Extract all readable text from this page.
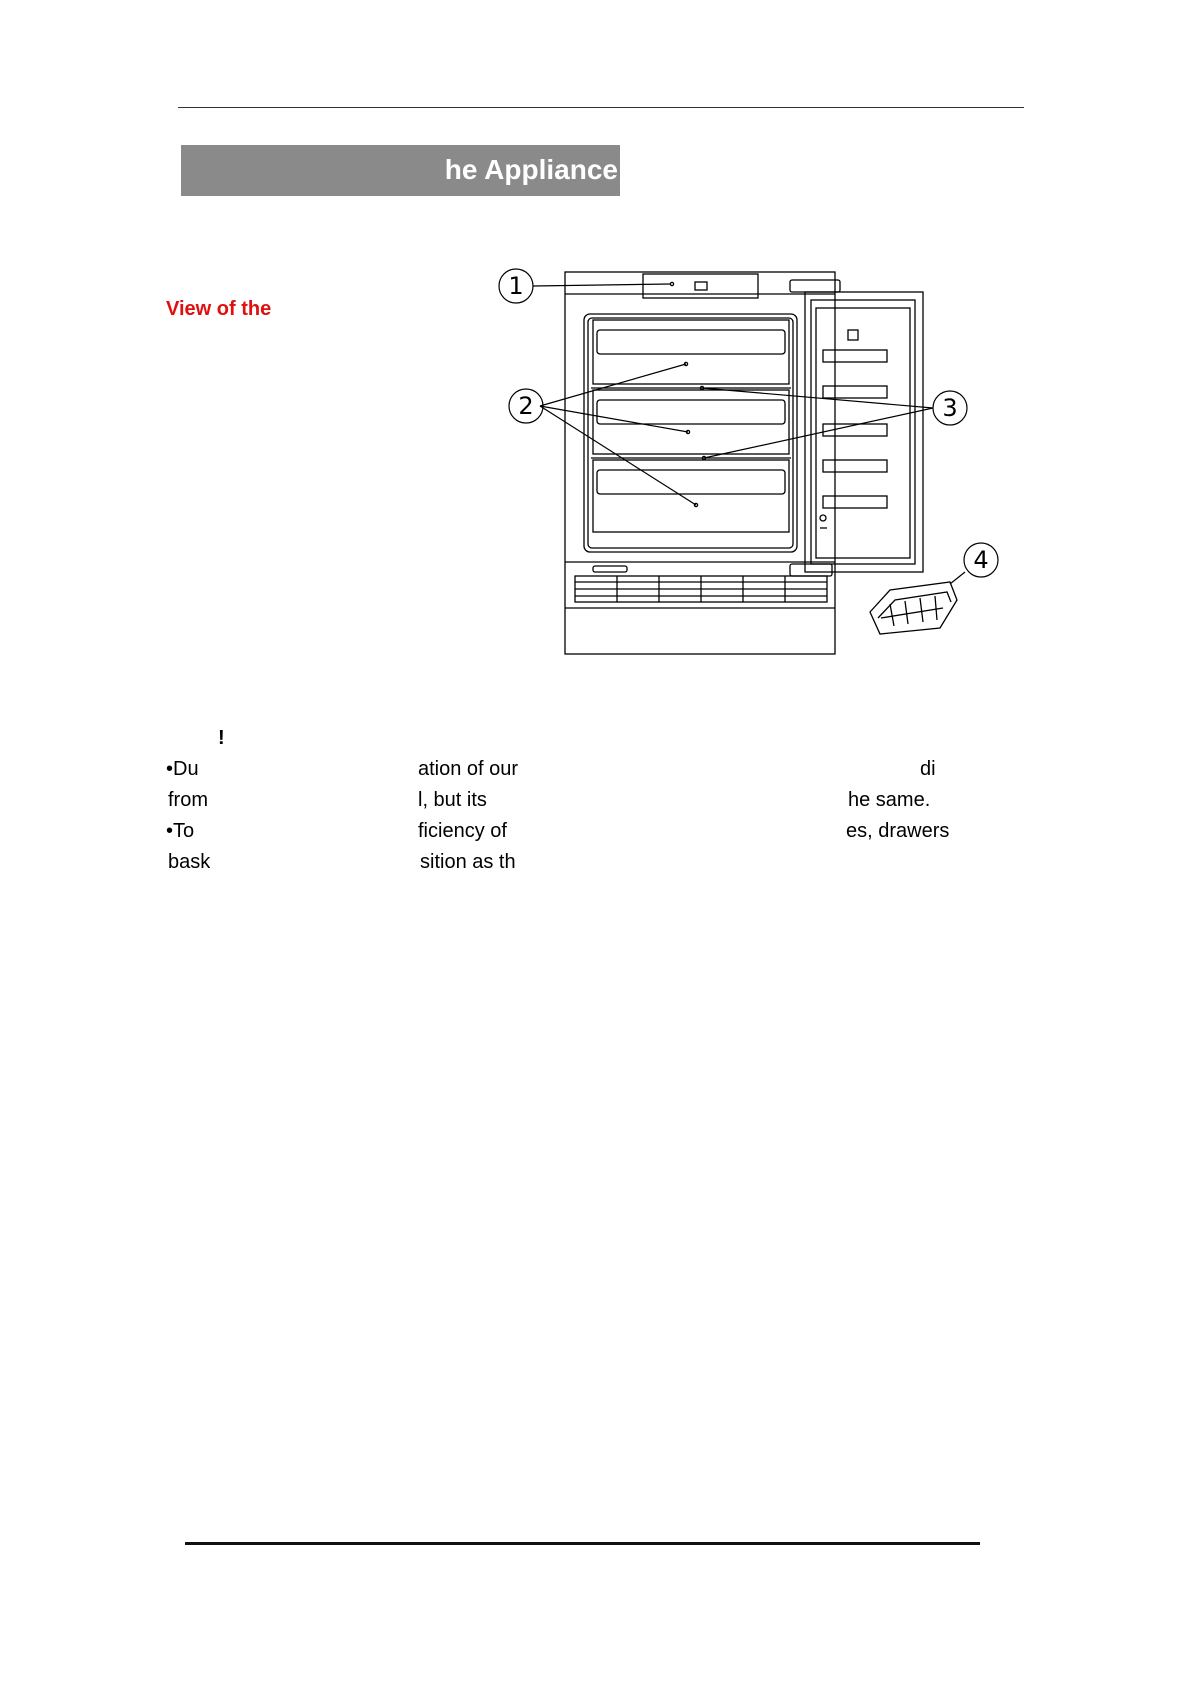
he Appliance

View of the

1
2	3
4

!

•Du	ation of our	di

from	l, but its	he same.

•To	ficiency of	es, drawers

bask	sition as th
